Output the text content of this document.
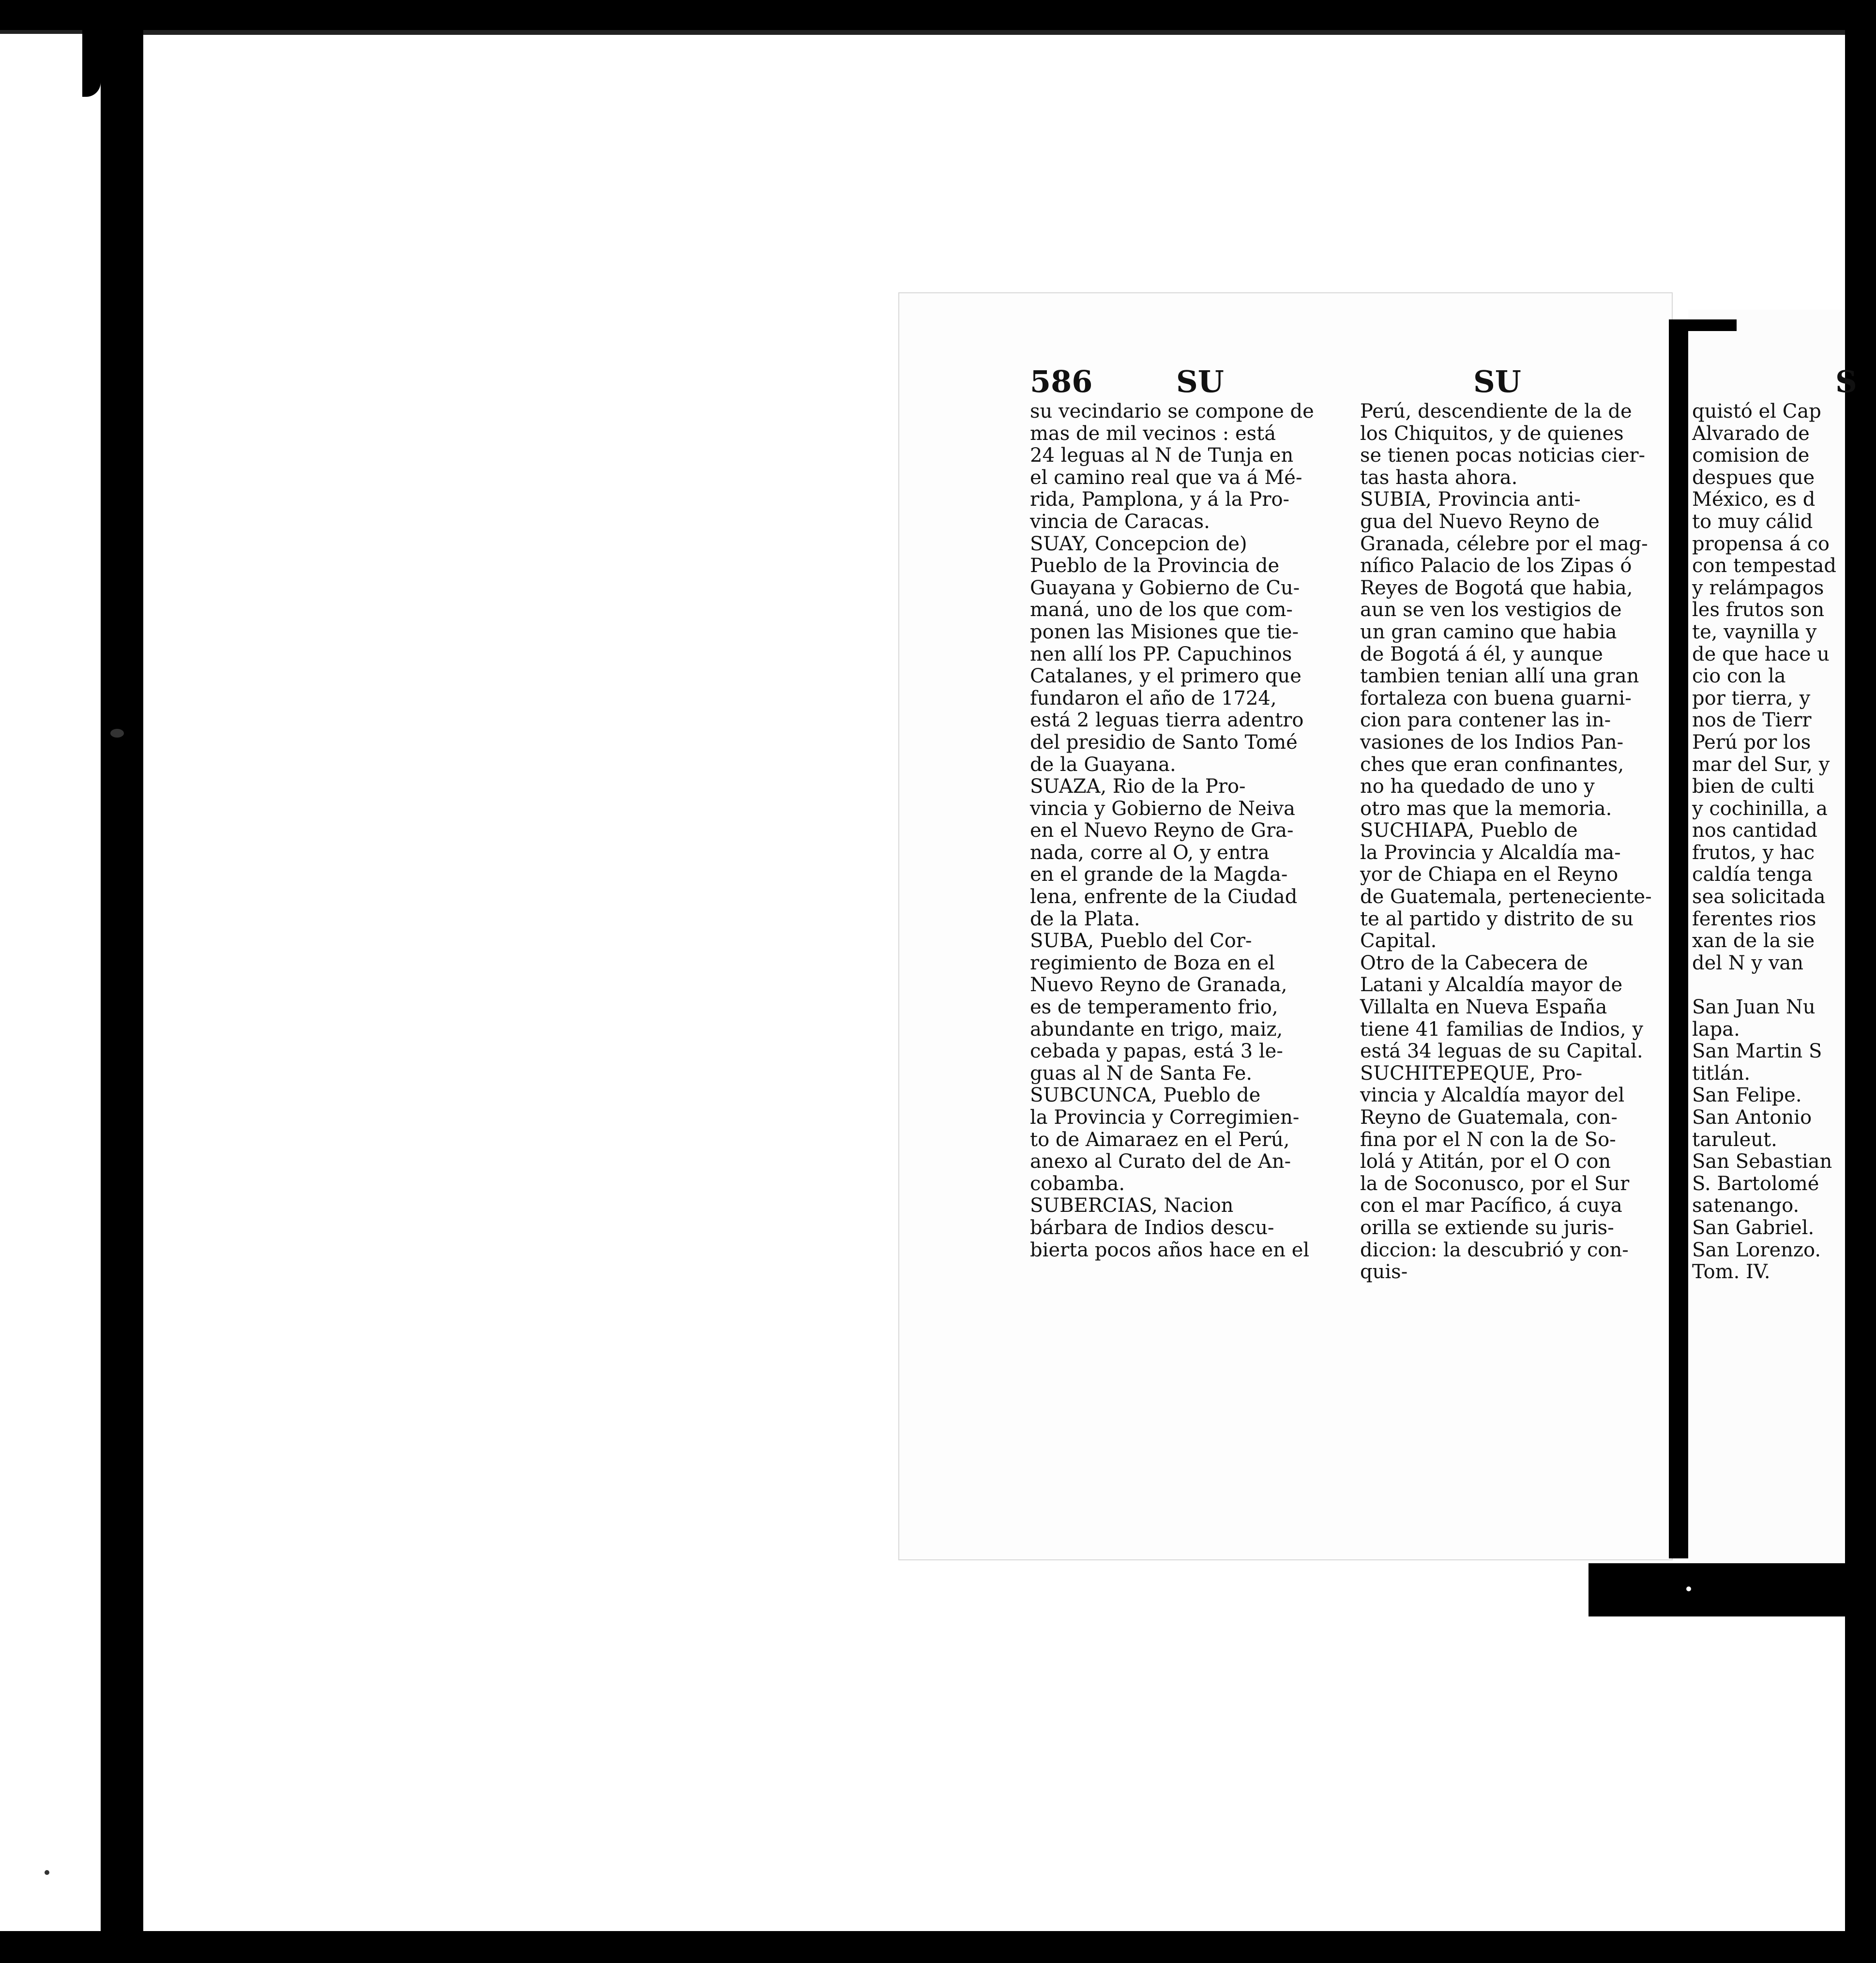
586	SU	SU	S
su vecindario se compone de
mas de mil vecinos : está
24 leguas al N de Tunja en
el camino real que va á Mé-
rida, Pamplona, y á la Pro-
vincia de Caracas.
SUAY, Concepcion de)
Pueblo de la Provincia de
Guayana y Gobierno de Cu-
maná, uno de los que com-
ponen las Misiones que tie-
nen allí los PP. Capuchinos
Catalanes, y el primero que
fundaron el año de 1724,
está 2 leguas tierra adentro
del presidio de Santo Tomé
de la Guayana.
SUAZA, Rio de la Pro-
vincia y Gobierno de Neiva
en el Nuevo Reyno de Gra-
nada, corre al O, y entra
en el grande de la Magda-
lena, enfrente de la Ciudad
de la Plata.
SUBA, Pueblo del Cor-
regimiento de Boza en el
Nuevo Reyno de Granada,
es de temperamento frio,
abundante en trigo, maiz,
cebada y papas, está 3 le-
guas al N de Santa Fe.
SUBCUNCA, Pueblo de
la Provincia y Corregimien-
to de Aimaraez en el Perú,
anexo al Curato del de An-
cobamba.
SUBERCIAS, Nacion
bárbara de Indios descu-
bierta pocos años hace en el
Perú, descendiente de la de
los Chiquitos, y de quienes
se tienen pocas noticias cier-
tas hasta ahora.
SUBIA, Provincia anti-
gua del Nuevo Reyno de
Granada, célebre por el mag-
nífico Palacio de los Zipas ó
Reyes de Bogotá que habia,
aun se ven los vestigios de
un gran camino que habia
de Bogotá á él, y aunque
tambien tenian allí una gran
fortaleza con buena guarni-
cion para contener las in-
vasiones de los Indios Pan-
ches que eran confinantes,
no ha quedado de uno y
otro mas que la memoria.
SUCHIAPA, Pueblo de
la Provincia y Alcaldía ma-
yor de Chiapa en el Reyno
de Guatemala, perteneciente-
te al partido y distrito de su
Capital.
Otro de la Cabecera de
Latani y Alcaldía mayor de
Villalta en Nueva España
tiene 41 familias de Indios, y
está 34 leguas de su Capital.
SUCHITEPEQUE, Pro-
vincia y Alcaldía mayor del
Reyno de Guatemala, con-
fina por el N con la de So-
lolá y Atitán, por el O con
la de Soconusco, por el Sur
con el mar Pacífico, á cuya
orilla se extiende su juris-
diccion: la descubrió y con-
quis-
quistó el Cap
Alvarado de
comision de
despues que
México, es d
to muy cálid
propensa á co
con tempestad
y relámpagos
les frutos son
te, vaynilla y
de que hace u
cio con la
por tierra, y
nos de Tierr
Perú por los
mar del Sur, y
bien de culti
y cochinilla, a
nos cantidad
frutos, y hac
caldía tenga
sea solicitada
ferentes rios
xan de la sie
del N y van

San Juan Nu
lapa.
San Martin S
titlán.
San Felipe.
San Antonio
taruleut.
San Sebastian
S. Bartolomé
satenango.
San Gabriel.
San Lorenzo.
Tom. IV.
